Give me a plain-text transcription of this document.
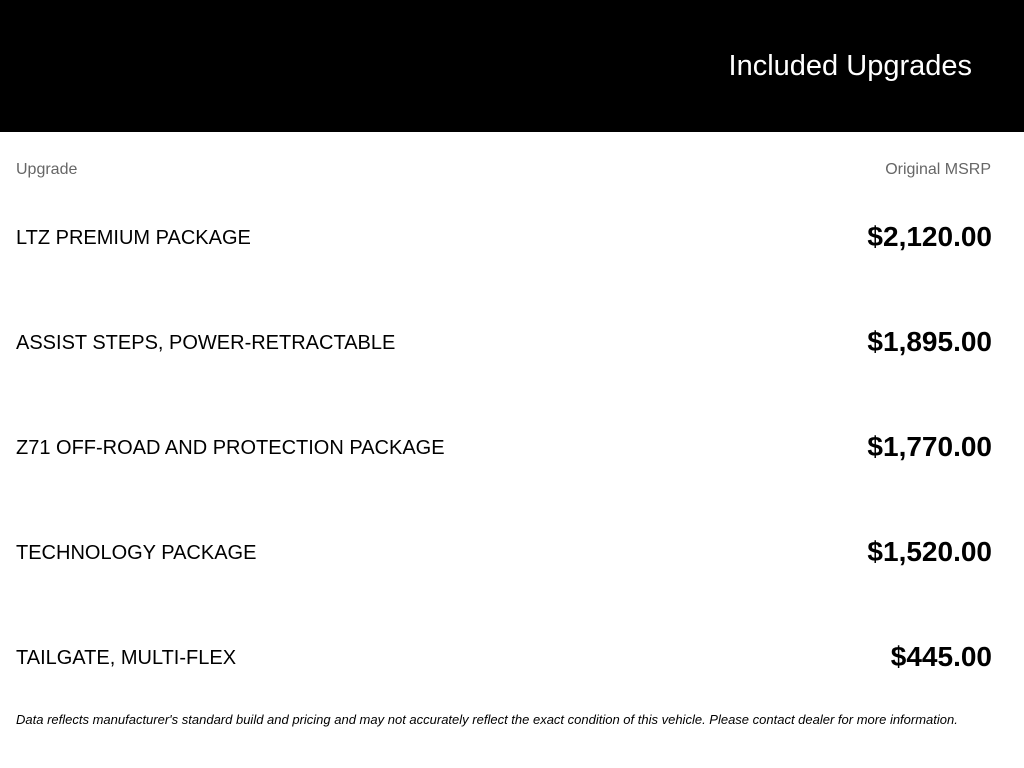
Included Upgrades
Upgrade	Original MSRP
LTZ PREMIUM PACKAGE	$2,120.00
ASSIST STEPS, POWER-RETRACTABLE	$1,895.00
Z71 OFF-ROAD AND PROTECTION PACKAGE	$1,770.00
TECHNOLOGY PACKAGE	$1,520.00
TAILGATE, MULTI-FLEX	$445.00
Data reflects manufacturer's standard build and pricing and may not accurately reflect the exact condition of this vehicle. Please contact dealer for more information.
